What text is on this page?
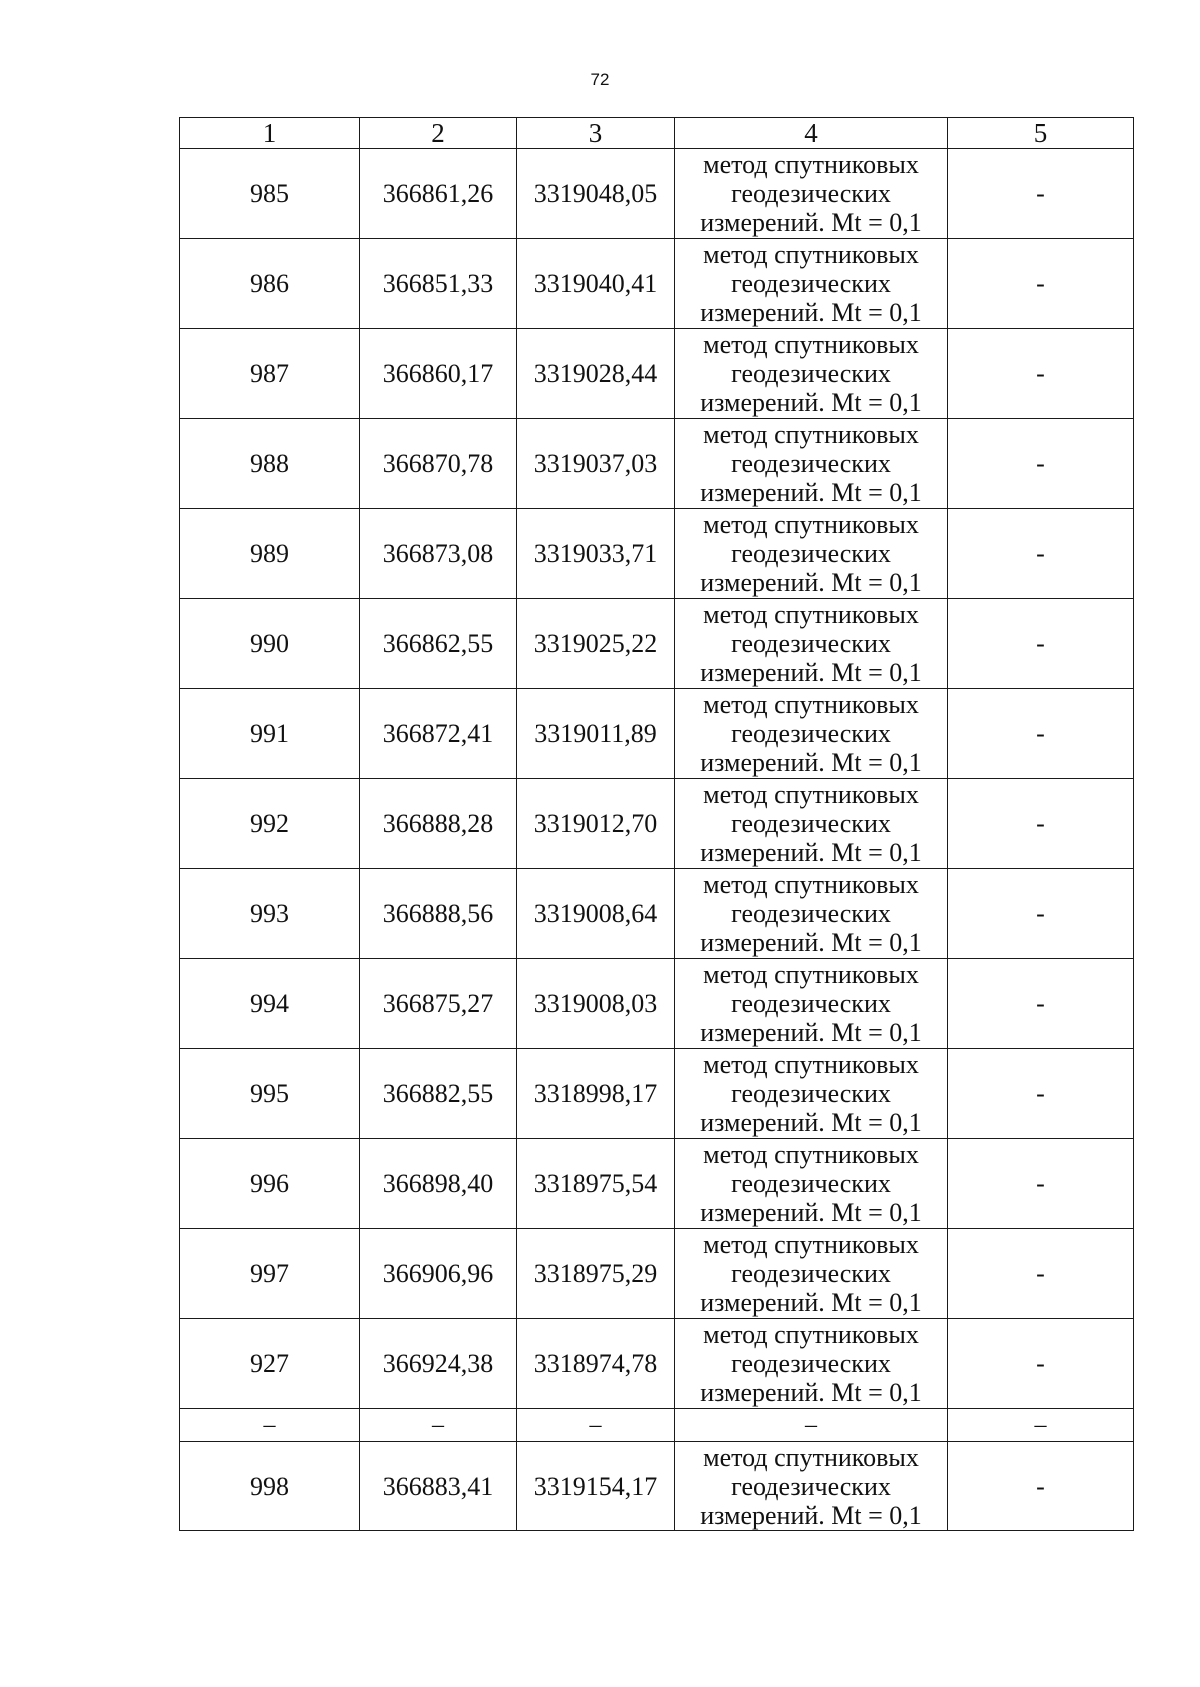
72
1	2	3	4	5
985	366861,26	3319048,05	метод спутниковых
геодезических
измерений. Mt = 0,1	-
986	366851,33	3319040,41	метод спутниковых
геодезических
измерений. Mt = 0,1	-
987	366860,17	3319028,44	метод спутниковых
геодезических
измерений. Mt = 0,1	-
988	366870,78	3319037,03	метод спутниковых
геодезических
измерений. Mt = 0,1	-
989	366873,08	3319033,71	метод спутниковых
геодезических
измерений. Mt = 0,1	-
990	366862,55	3319025,22	метод спутниковых
геодезических
измерений. Mt = 0,1	-
991	366872,41	3319011,89	метод спутниковых
геодезических
измерений. Mt = 0,1	-
992	366888,28	3319012,70	метод спутниковых
геодезических
измерений. Mt = 0,1	-
993	366888,56	3319008,64	метод спутниковых
геодезических
измерений. Mt = 0,1	-
994	366875,27	3319008,03	метод спутниковых
геодезических
измерений. Mt = 0,1	-
995	366882,55	3318998,17	метод спутниковых
геодезических
измерений. Mt = 0,1	-
996	366898,40	3318975,54	метод спутниковых
геодезических
измерений. Mt = 0,1	-
997	366906,96	3318975,29	метод спутниковых
геодезических
измерений. Mt = 0,1	-
927	366924,38	3318974,78	метод спутниковых
геодезических
измерений. Mt = 0,1	-
–	–	–	–	–
998	366883,41	3319154,17	метод спутниковых
геодезических
измерений. Mt = 0,1	-
